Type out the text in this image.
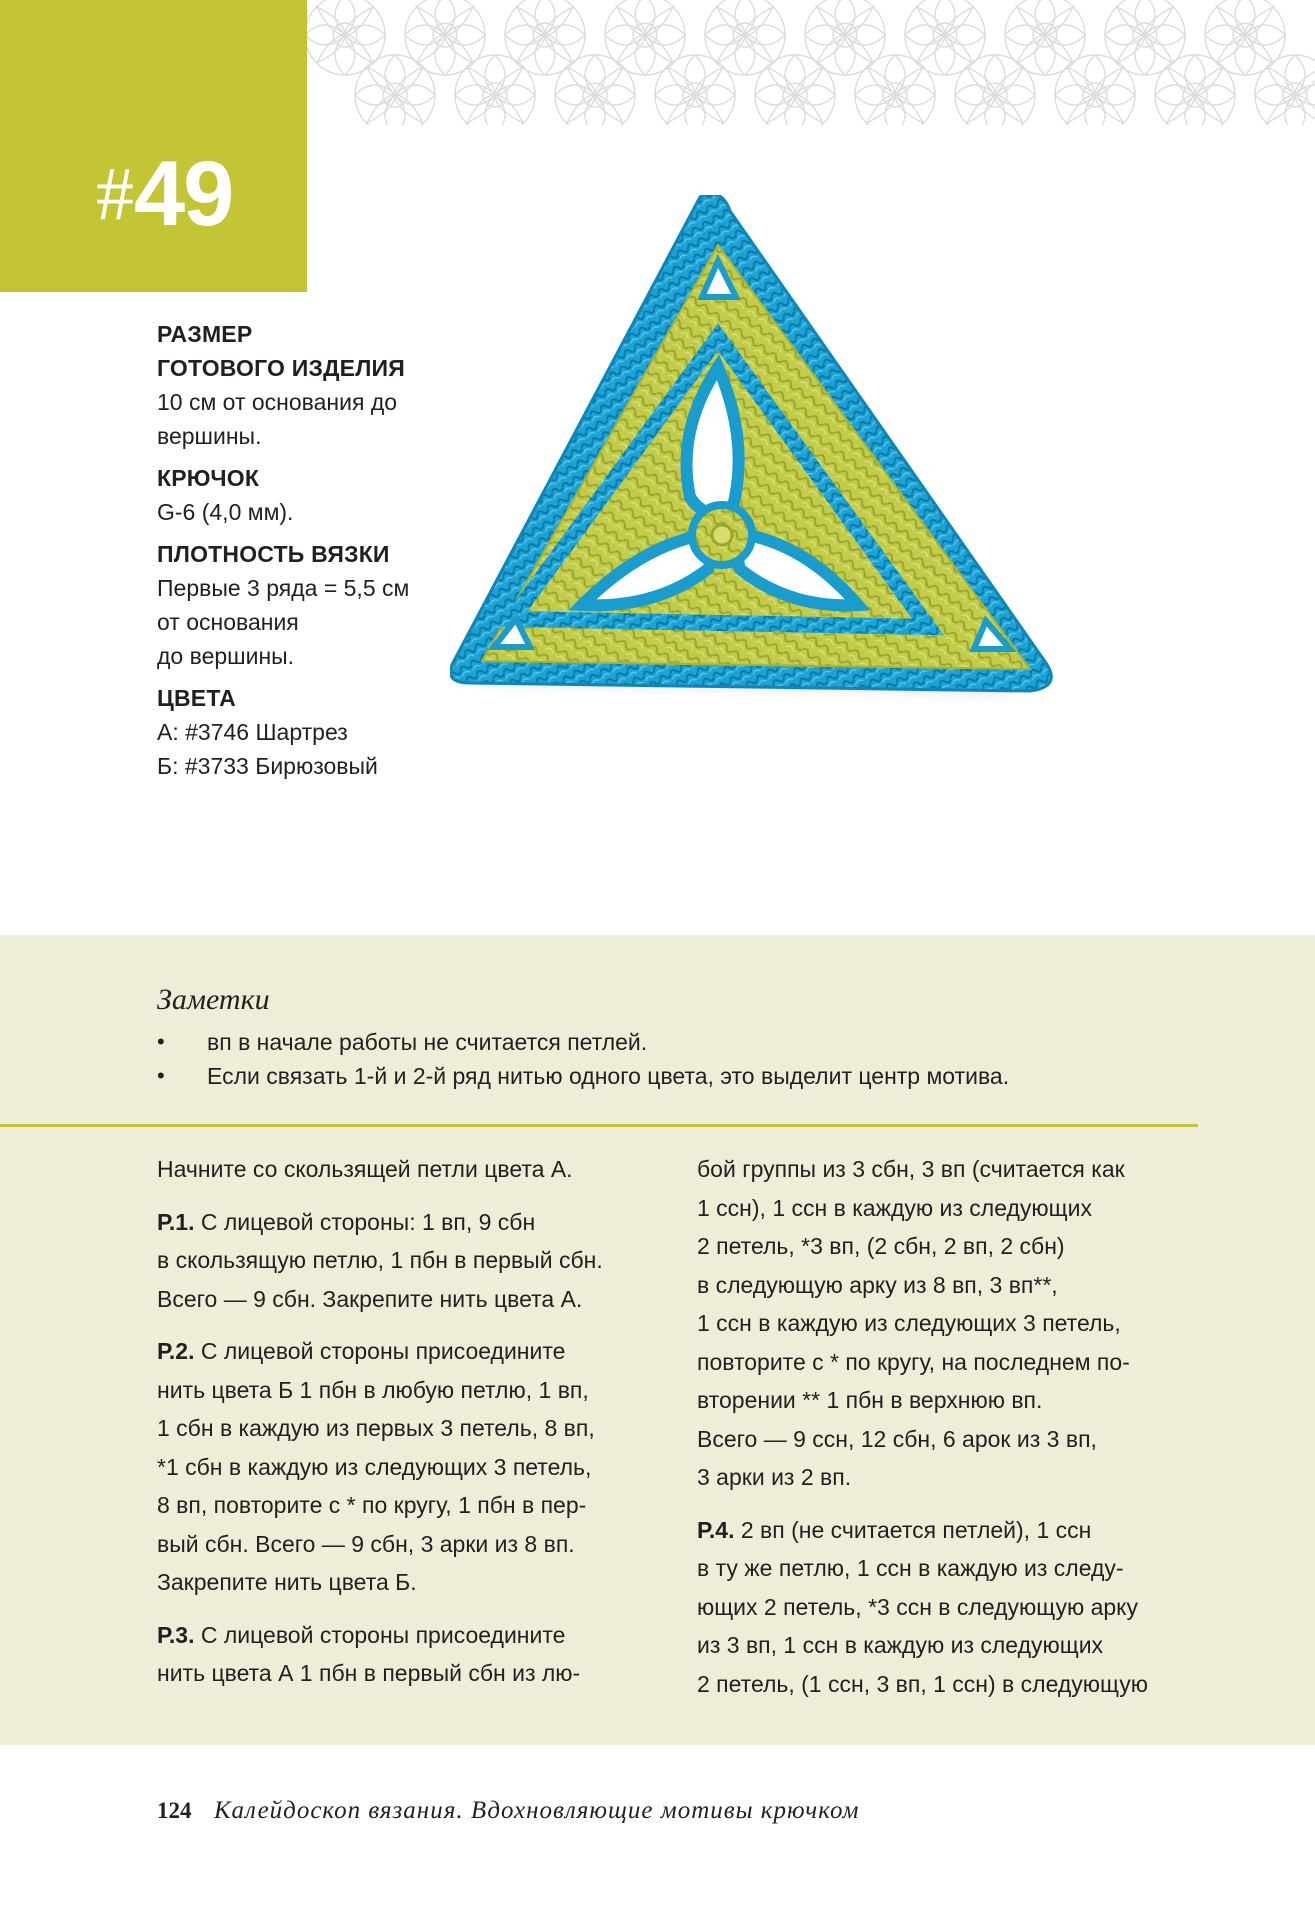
#49
РАЗМЕР
ГОТОВОГО ИЗДЕЛИЯ
10 см от основания до
вершины.
КРЮЧОК
G-6 (4,0 мм).
ПЛОТНОСТЬ ВЯЗКИ
Первые 3 ряда = 5,5 см
от основания
до вершины.
ЦВЕТА
А: #3746 Шартрез
Б: #3733 Бирюзовый
Заметки
• вп в начале работы не считается петлей.
• Если связать 1-й и 2-й ряд нитью одного цвета, это выделит центр мотива.
Начните со скользящей петли цвета А.
Р.1. С лицевой стороны: 1 вп, 9 сбн
в скользящую петлю, 1 пбн в первый сбн.
Всего — 9 сбн. Закрепите нить цвета А.
Р.2. С лицевой стороны присоедините
нить цвета Б 1 пбн в любую петлю, 1 вп,
1 сбн в каждую из первых 3 петель, 8 вп,
*1 сбн в каждую из следующих 3 петель,
8 вп, повторите с * по кругу, 1 пбн в пер-
вый сбн. Всего — 9 сбн, 3 арки из 8 вп.
Закрепите нить цвета Б.
Р.3. С лицевой стороны присоедините
нить цвета А 1 пбн в первый сбн из лю-
бой группы из 3 сбн, 3 вп (считается как
1 ссн), 1 ссн в каждую из следующих
2 петель, *3 вп, (2 сбн, 2 вп, 2 сбн)
в следующую арку из 8 вп, 3 вп**,
1 ссн в каждую из следующих 3 петель,
повторите с * по кругу, на последнем по-
вторении ** 1 пбн в верхнюю вп.
Всего — 9 ссн, 12 сбн, 6 арок из 3 вп,
3 арки из 2 вп.
Р.4. 2 вп (не считается петлей), 1 ссн
в ту же петлю, 1 ссн в каждую из следу-
ющих 2 петель, *3 ссн в следующую арку
из 3 вп, 1 ссн в каждую из следующих
2 петель, (1 ссн, 3 вп, 1 ссн) в следующую
124 Калейдоскоп вязания. Вдохновляющие мотивы крючком
